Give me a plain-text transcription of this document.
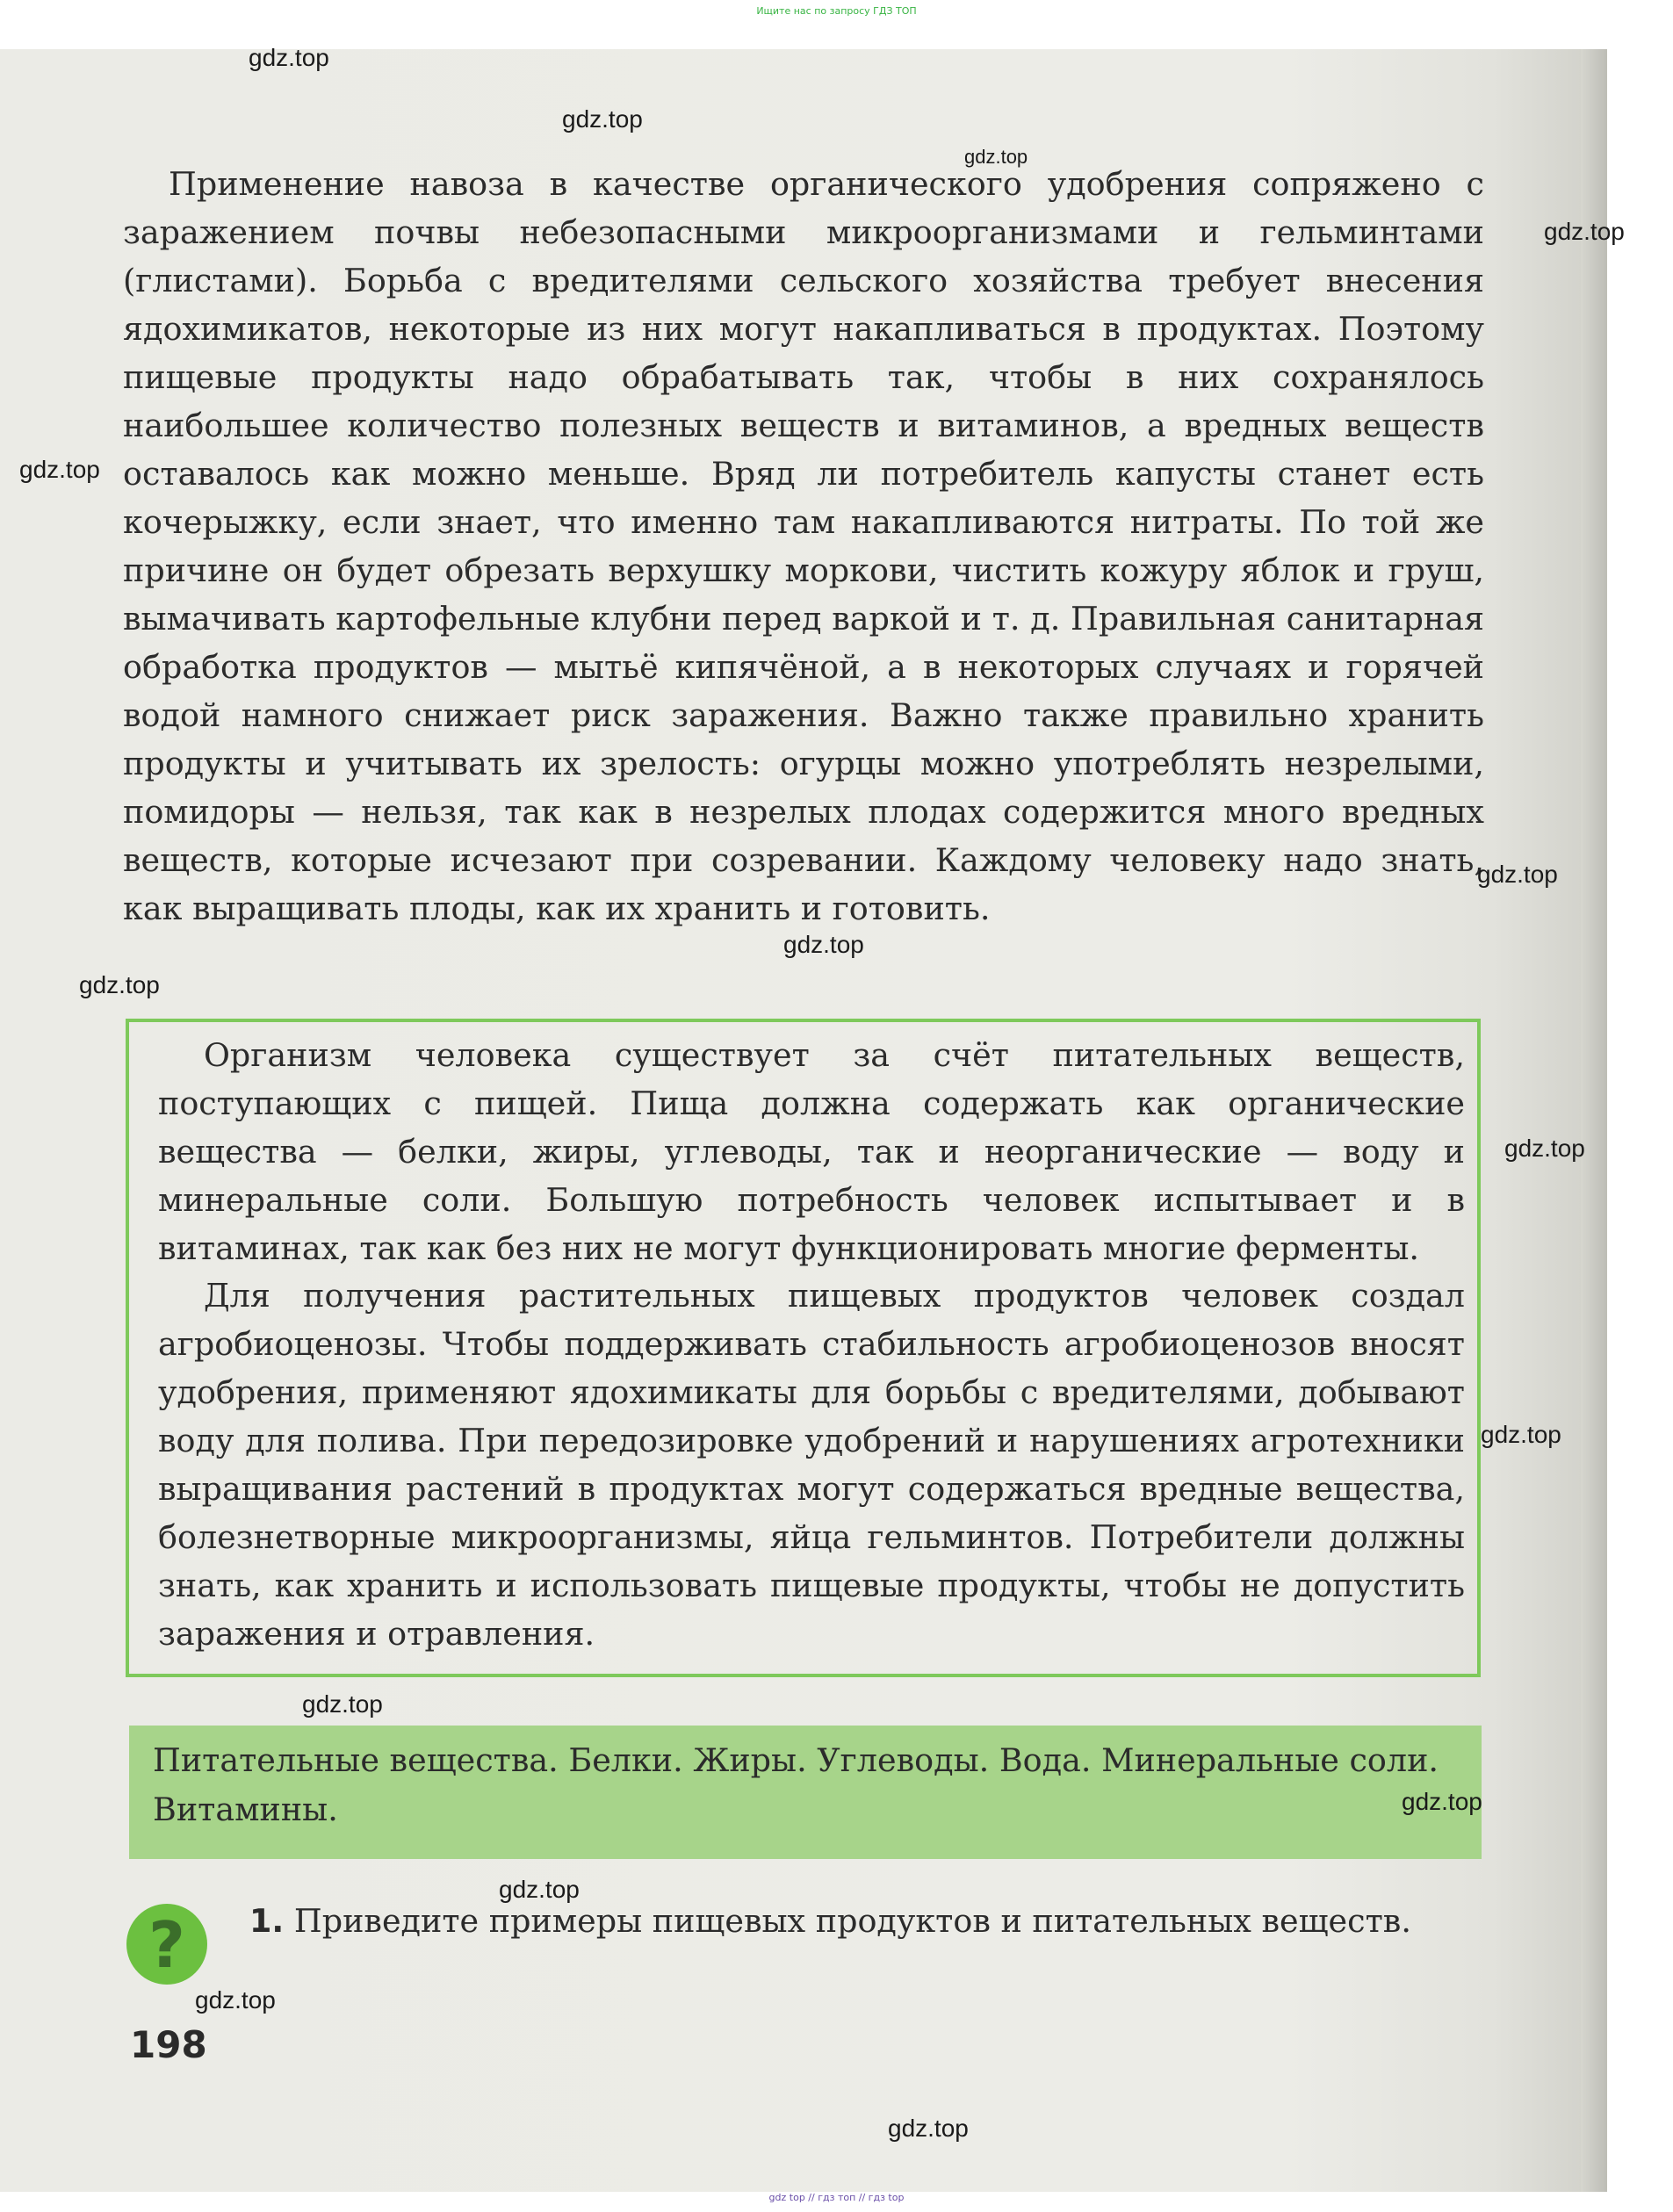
Ищите нас по запросу ГДЗ ТОП

Применение навоза в качестве органического удобрения сопряжено с заражением почвы небезопасными микроорганизмами и гельминтами (глистами). Борьба с вредителями сельского хозяйства требует внесения ядохимикатов, некоторые из них могут накапливаться в продуктах. Поэтому пищевые продукты надо обрабатывать так, чтобы в них сохранялось наибольшее количество полезных веществ и витаминов, а вредных веществ оставалось как можно меньше. Вряд ли потребитель капусты станет есть кочерыжку, если знает, что именно там накапливаются нитраты. По той же причине он будет обрезать верхушку моркови, чистить кожуру яблок и груш, вымачивать картофельные клубни перед варкой и т. д. Правильная санитарная обработка продуктов — мытьё кипячёной, а в некоторых случаях и горячей водой намного снижает риск заражения. Важно также правильно хранить продукты и учитывать их зрелость: огурцы можно употреблять незрелыми, помидоры — нельзя, так как в незрелых плодах содержится много вредных веществ, которые исчезают при созревании. Каждому человеку надо знать, как выращивать плоды, как их хранить и готовить.

Организм человека существует за счёт питательных веществ, поступающих с пищей. Пища должна содержать как органические вещества — белки, жиры, углеводы, так и неорганические — воду и минеральные соли. Большую потребность человек испытывает и в витаминах, так как без них не могут функционировать многие ферменты.

Для получения растительных пищевых продуктов человек создал агробиоценозы. Чтобы поддерживать стабильность агробиоценозов вносят удобрения, применяют ядохимикаты для борьбы с вредителями, добывают воду для полива. При передозировке удобрений и нарушениях агротехники выращивания растений в продуктах могут содержаться вредные вещества, болезнетворные микроорганизмы, яйца гельминтов. Потребители должны знать, как хранить и использовать пищевые продукты, чтобы не допустить заражения и отравления.

Питательные вещества. Белки. Жиры. Углеводы. Вода. Минеральные соли. Витамины.

?	1. Приведите примеры пищевых продуктов и питательных веществ.

198
gdz.top
gdz.top
gdz.top
gdz.top
gdz.top
gdz.top
gdz.top
gdz.top
gdz.top
gdz.top
gdz.top
gdz.top
gdz.top
gdz.top
gdz.top
gdz top // гдз топ // гдз top
